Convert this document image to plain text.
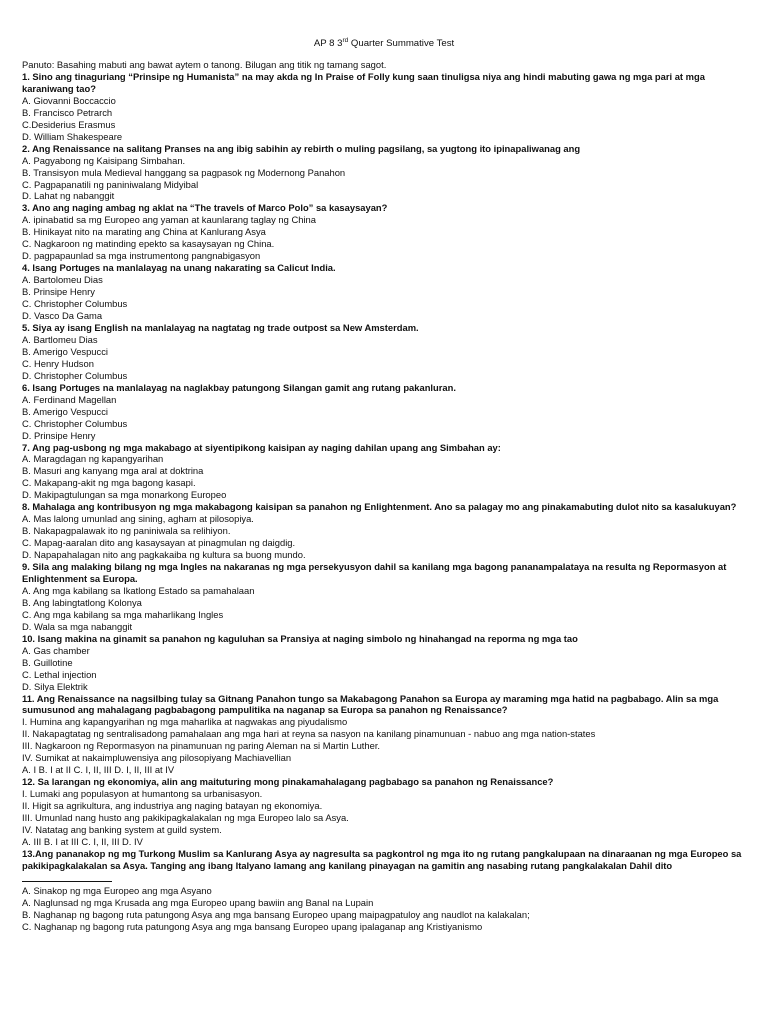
AP 8 3rd Quarter Summative Test
Panuto: Basahing mabuti ang bawat aytem o tanong. Bilugan ang titik ng tamang sagot.
1. Sino ang tinaguriang “Prinsipe ng Humanista” na may akda ng In Praise of Folly kung saan tinuligsa niya ang hindi mabuting gawa ng mga pari at mga karaniwang tao?
A. Giovanni Boccaccio
B. Francisco Petrarch
C.Desiderius Erasmus
D. William Shakespeare
2. Ang Renaissance na salitang Pranses na ang ibig sabihin ay rebirth o muling pagsilang, sa yugtong ito ipinapaliwanag ang
A. Pagyabong ng Kaisipang Simbahan.
B. Transisyon mula Medieval hanggang sa pagpasok ng Modernong Panahon
C. Pagpapanatili ng paniniwalang Midyibal
D. Lahat ng nabanggit
3. Ano ang naging ambag ng aklat na “The travels of Marco Polo” sa kasaysayan?
A. ipinabatid sa mg Europeo ang yaman at kaunlarang taglay ng China
B. Hinikayat nito na marating ang China at Kanlurang Asya
C. Nagkaroon ng matinding epekto sa kasaysayan ng China.
D. pagpapaunlad sa mga instrumentong pangnabigasyon
4. Isang Portuges na manlalayag na unang nakarating sa Calicut India.
A. Bartolomeu Dias
B. Prinsipe Henry
C. Christopher Columbus
D. Vasco Da Gama
5. Siya ay isang English na manlalayag na nagtatag ng trade outpost sa New Amsterdam.
A. Bartlomeu Dias
B. Amerigo Vespucci
C. Henry Hudson
D. Christopher Columbus
6. Isang Portuges na manlalayag na naglakbay patungong Silangan gamit ang rutang pakanluran.
A. Ferdinand Magellan
B. Amerigo Vespucci
C. Christopher Columbus
D. Prinsipe Henry
7. Ang pag-usbong ng mga makabago at siyentipikong kaisipan ay naging dahilan upang ang Simbahan ay:
A. Maragdagan ng kapangyarihan
B. Masuri ang kanyang mga aral at doktrina
C. Makapang-akit ng mga bagong kasapi.
D. Makipagtulungan sa mga monarkong Europeo
8. Mahalaga ang kontribusyon ng mga makabagong kaisipan sa panahon ng Enlightenment. Ano sa palagay mo ang pinakamabuting dulot nito sa kasalukuyan?
A. Mas lalong umunlad ang sining, agham at pilosopiya.
B. Nakapagpalawak ito ng paniniwala sa relihiyon.
C. Mapag-aaralan dito ang kasaysayan at pinagmulan ng daigdig.
D. Napapahalagan nito ang pagkakaiba ng kultura sa buong mundo.
9. Sila ang malaking bilang ng mga Ingles na nakaranas ng mga persekyusyon dahil sa kanilang mga bagong pananampalataya na resulta ng Repormasyon at Enlightenment sa Europa.
A. Ang mga kabilang sa Ikatlong Estado sa pamahalaan
B. Ang labingtatlong Kolonya
C. Ang mga kabilang sa mga maharlikang Ingles
D. Wala sa mga nabanggit
10. Isang makina na ginamit sa panahon ng kaguluhan sa Pransiya at naging simbolo ng hinahangad na reporma ng mga tao
A. Gas chamber
B. Guillotine
C. Lethal injection
D. Silya Elektrik
11. Ang Renaissance na nagsilbing tulay sa Gitnang Panahon tungo sa Makabagong Panahon sa Europa ay maraming mga hatid na pagbabago. Alin sa mga sumusunod ang mahalagang pagbabagong pampulitika na naganap sa Europa sa panahon ng Renaissance?
I. Humina ang kapangyarihan ng mga maharlika at nagwakas ang piyudalismo
II. Nakapagtatag ng sentralisadong pamahalaan ang mga hari at reyna sa nasyon na kanilang pinamunuan - nabuo ang mga nation-states
III. Nagkaroon ng Repormasyon na pinamunuan ng paring Aleman na si Martin Luther.
IV. Sumikat at nakaimpluwensiya ang pilosopiyang Machiavellian
A. I B. I at II C. I, II, III D. I, II, III at IV
12. Sa larangan ng ekonomiya, alin ang maituturing mong pinakamahalagang pagbabago sa panahon ng Renaissance?
I. Lumaki ang populasyon at humantong sa urbanisasyon.
II. Higit sa agrikultura, ang industriya ang naging batayan ng ekonomiya.
III. Umunlad nang husto ang pakikipagkalakalan ng mga Europeo lalo sa Asya.
IV. Natatag ang banking system at guild system.
A. III B. I at III C. I, II, III D. IV
13.Ang pananakop ng mg Turkong Muslim sa Kanlurang Asya ay nagresulta sa pagkontrol ng mga ito ng rutang pangkalupaan na dinaraanan ng mga Europeo sa pakikipagkalakalan sa Asya. Tanging ang ibang Italyano lamang ang kanilang pinayagan na gamitin ang nasabing rutang pangkalakalan Dahil dito
A. Sinakop ng mga Europeo ang mga Asyano
A. Naglunsad ng mga Krusada ang mga Europeo upang bawiin ang Banal na Lupain
B. Naghanap ng bagong ruta patungong Asya ang mga bansang Europeo upang maipagpatuloy ang naudlot na kalakalan;
C. Naghanap ng bagong ruta patungong Asya ang mga bansang Europeo upang ipalaganap ang Kristiyanismo
